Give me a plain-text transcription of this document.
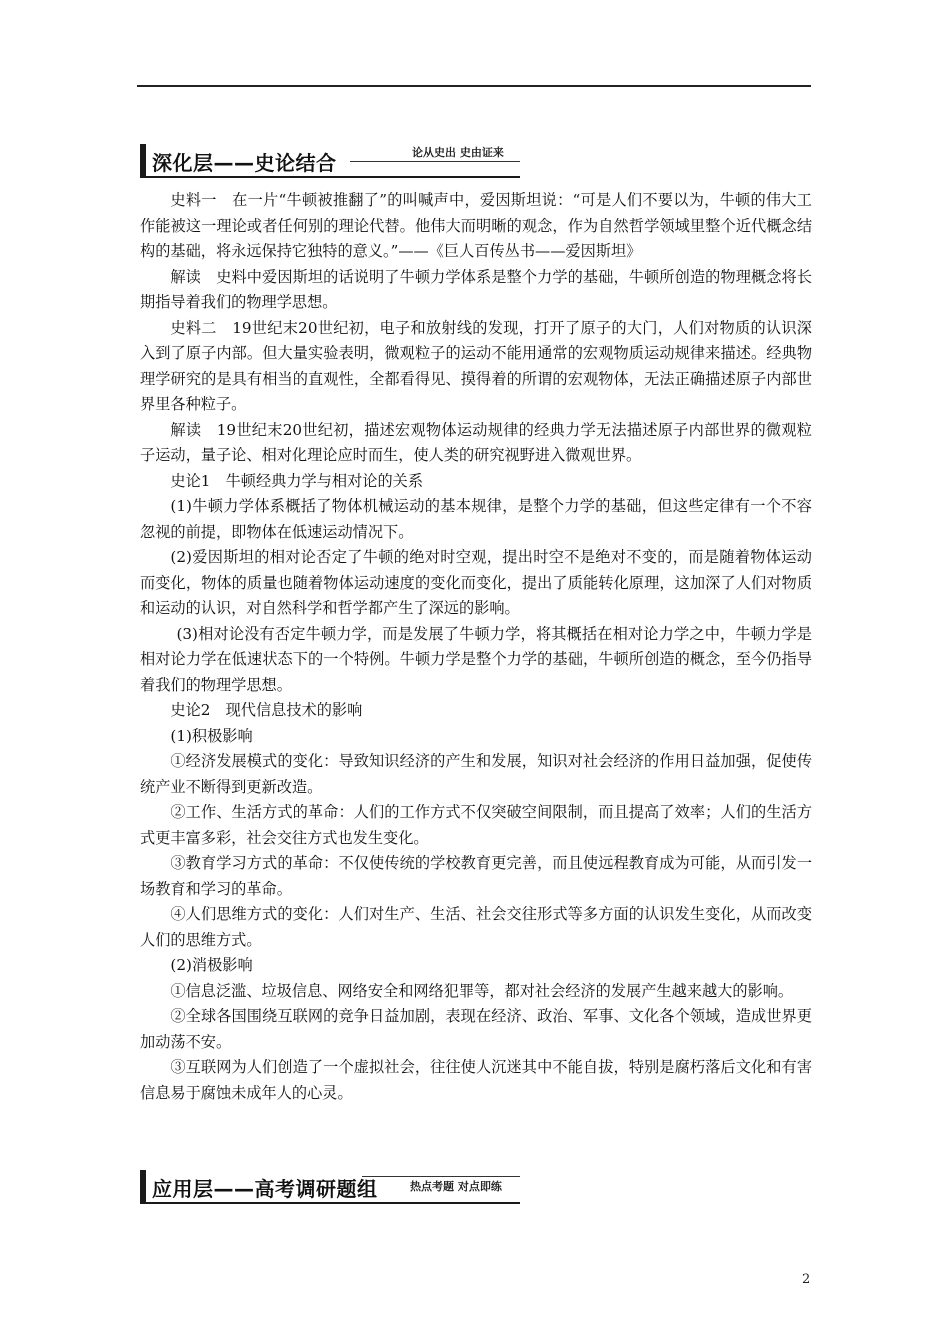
深化层——史论结合	论从史出 史由证来

史料一　在一片“牛顿被推翻了”的叫喊声中，爱因斯坦说：“可是人们不要以为，牛顿的伟大工作能被这一理论或者任何别的理论代替。他伟大而明晰的观念，作为自然哲学领域里整个近代概念结构的基础，将永远保持它独特的意义。”——《巨人百传丛书——爱因斯坦》

解读　史料中爱因斯坦的话说明了牛顿力学体系是整个力学的基础，牛顿所创造的物理概念将长期指导着我们的物理学思想。

史料二　19世纪末20世纪初，电子和放射线的发现，打开了原子的大门，人们对物质的认识深入到了原子内部。但大量实验表明，微观粒子的运动不能用通常的宏观物质运动规律来描述。经典物理学研究的是具有相当的直观性，全都看得见、摸得着的所谓的宏观物体，无法正确描述原子内部世界里各种粒子。

解读　19世纪末20世纪初，描述宏观物体运动规律的经典力学无法描述原子内部世界的微观粒子运动，量子论、相对化理论应时而生，使人类的研究视野进入微观世界。

史论1　牛顿经典力学与相对论的关系

(1)牛顿力学体系概括了物体机械运动的基本规律，是整个力学的基础，但这些定律有一个不容忽视的前提，即物体在低速运动情况下。

(2)爱因斯坦的相对论否定了牛顿的绝对时空观，提出时空不是绝对不变的，而是随着物体运动而变化，物体的质量也随着物体运动速度的变化而变化，提出了质能转化原理，这加深了人们对物质和运动的认识，对自然科学和哲学都产生了深远的影响。

(3)相对论没有否定牛顿力学，而是发展了牛顿力学，将其概括在相对论力学之中，牛顿力学是相对论力学在低速状态下的一个特例。牛顿力学是整个力学的基础，牛顿所创造的概念，至今仍指导着我们的物理学思想。

史论2　现代信息技术的影响

(1)积极影响

①经济发展模式的变化：导致知识经济的产生和发展，知识对社会经济的作用日益加强，促使传统产业不断得到更新改造。

②工作、生活方式的革命：人们的工作方式不仅突破空间限制，而且提高了效率；人们的生活方式更丰富多彩，社会交往方式也发生变化。

③教育学习方式的革命：不仅使传统的学校教育更完善，而且使远程教育成为可能，从而引发一场教育和学习的革命。

④人们思维方式的变化：人们对生产、生活、社会交往形式等多方面的认识发生变化，从而改变人们的思维方式。

(2)消极影响

①信息泛滥、垃圾信息、网络安全和网络犯罪等，都对社会经济的发展产生越来越大的影响。

②全球各国围绕互联网的竞争日益加剧，表现在经济、政治、军事、文化各个领域，造成世界更加动荡不安。

③互联网为人们创造了一个虚拟社会，往往使人沉迷其中不能自拔，特别是腐朽落后文化和有害信息易于腐蚀未成年人的心灵。

应用层——高考调研题组	热点考题 对点即练
2
